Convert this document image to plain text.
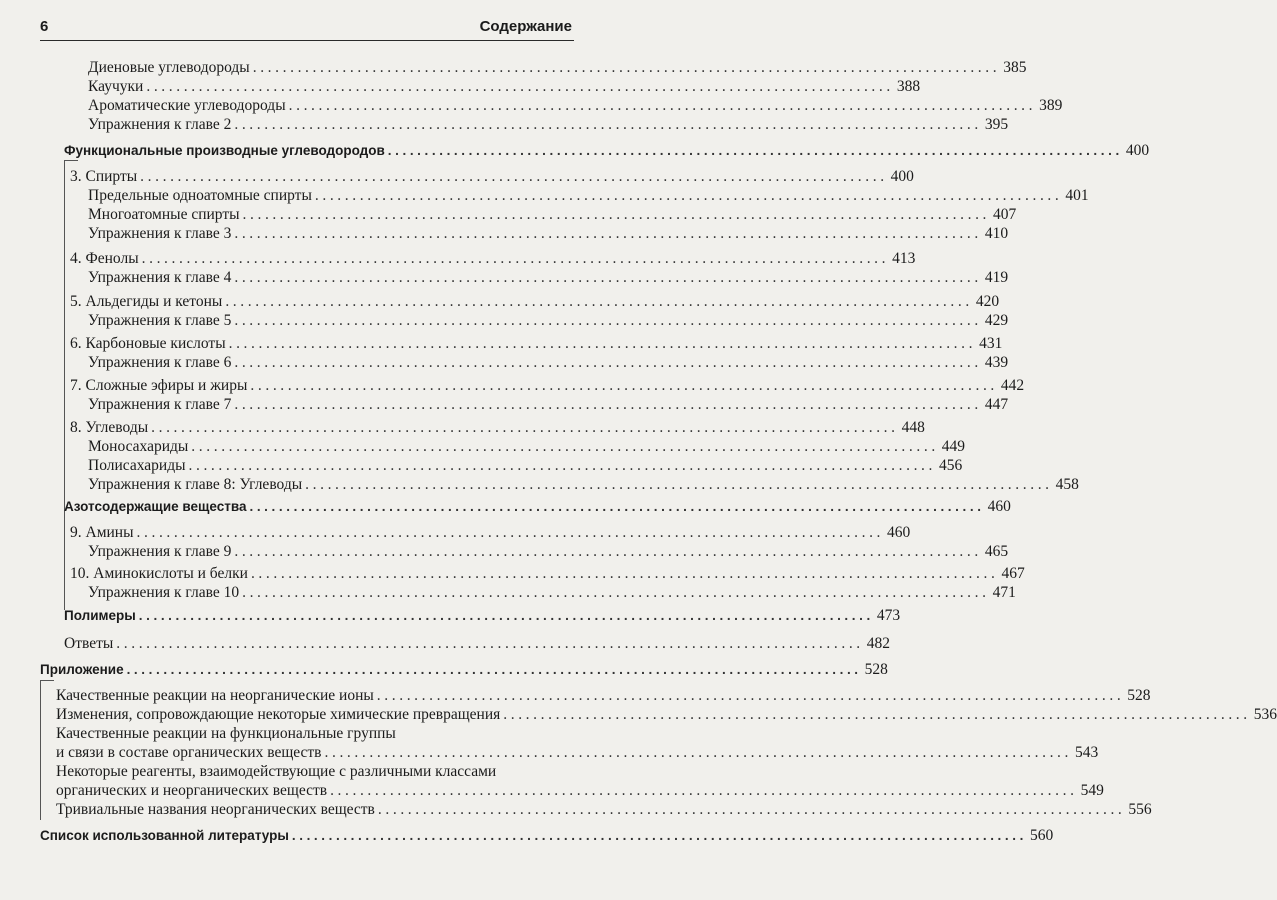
6	Содержание
Диеновые углеводороды .................................................................................................... 385
Каучуки .................................................................................................... 388
Ароматические углеводороды .................................................................................................... 389
Упражнения к главе 2 .................................................................................................... 395
Функциональные производные углеводородов .................................................................................................... 400
3. Спирты .................................................................................................... 400
Предельные одноатомные спирты .................................................................................................... 401
Многоатомные спирты .................................................................................................... 407
Упражнения к главе 3 .................................................................................................... 410
4. Фенолы .................................................................................................... 413
Упражнения к главе 4 .................................................................................................... 419
5. Альдегиды и кетоны .................................................................................................... 420
Упражнения к главе 5 .................................................................................................... 429
6. Карбоновые кислоты .................................................................................................... 431
Упражнения к главе 6 .................................................................................................... 439
7. Сложные эфиры и жиры .................................................................................................... 442
Упражнения к главе 7 .................................................................................................... 447
8. Углеводы .................................................................................................... 448
Моносахариды .................................................................................................... 449
Полисахариды .................................................................................................... 456
Упражнения к главе 8: Углеводы .................................................................................................... 458
Азотсодержащие вещества .................................................................................................... 460
9. Амины .................................................................................................... 460
Упражнения к главе 9 .................................................................................................... 465
10. Аминокислоты и белки .................................................................................................... 467
Упражнения к главе 10 .................................................................................................... 471
Полимеры .................................................................................................... 473
Ответы .................................................................................................... 482
Приложение .................................................................................................... 528
Качественные реакции на неорганические ионы .................................................................................................... 528
Изменения, сопровождающие некоторые химические превращения .................................................................................................... 536
Качественные реакции на функциональные группы
и связи в составе органических веществ .................................................................................................... 543
Некоторые реагенты, взаимодействующие с различными классами
органических и неорганических веществ .................................................................................................... 549
Тривиальные названия неорганических веществ .................................................................................................... 556
Список использованной литературы .................................................................................................... 560
